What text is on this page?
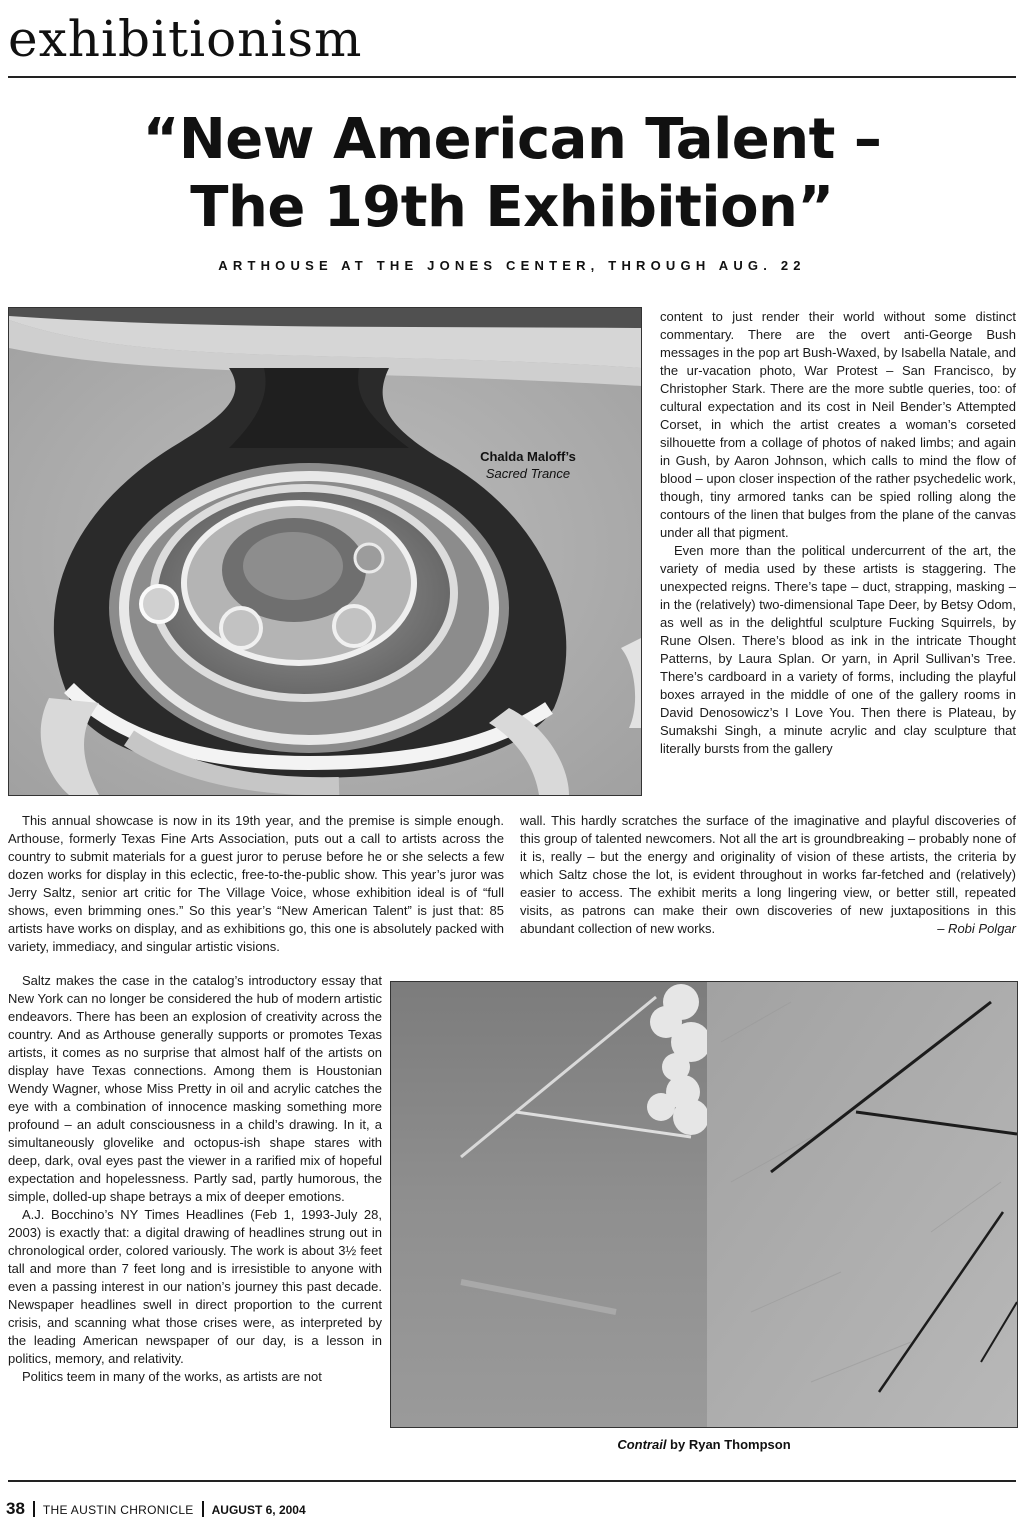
exhibitionism
“New American Talent –
The 19th Exhibition”
ARTHOUSE AT THE JONES CENTER, THROUGH AUG. 22
Chalda Maloff’s
Sacred Trance

content to just render their world without some distinct commentary. There are the overt anti-George Bush messages in the pop art Bush-Waxed, by Isabella Natale, and the ur-vacation photo, War Protest – San Francisco, by Christopher Stark. There are the more subtle queries, too: of cultural expectation and its cost in Neil Bender’s Attempted Corset, in which the artist creates a woman’s corseted silhouette from a collage of photos of naked limbs; and again in Gush, by Aaron Johnson, which calls to mind the flow of blood – upon closer inspection of the rather psychedelic work, though, tiny armored tanks can be spied rolling along the contours of the linen that bulges from the plane of the canvas under all that pigment.

Even more than the political undercurrent of the art, the variety of media used by these artists is staggering. The unexpected reigns. There’s tape – duct, strapping, masking – in the (relatively) two-dimensional Tape Deer, by Betsy Odom, as well as in the delightful sculpture Fucking Squirrels, by Rune Olsen. There’s blood as ink in the intricate Thought Patterns, by Laura Splan. Or yarn, in April Sullivan’s Tree. There’s cardboard in a variety of forms, including the playful boxes arrayed in the middle of one of the gallery rooms in David Denosowicz’s I Love You. Then there is Plateau, by Sumakshi Singh, a minute acrylic and clay sculpture that literally bursts from the gallery

This annual showcase is now in its 19th year, and the premise is simple enough. Arthouse, formerly Texas Fine Arts Association, puts out a call to artists across the country to submit materials for a guest juror to peruse before he or she selects a few dozen works for display in this eclectic, free-to-the-public show. This year’s juror was Jerry Saltz, senior art critic for The Village Voice, whose exhibition ideal is of “full shows, even brimming ones.” So this year’s “New American Talent” is just that: 85 artists have works on display, and as exhibitions go, this one is absolutely packed with variety, immediacy, and singular artistic visions.

wall. This hardly scratches the surface of the imaginative and playful discoveries of this group of talented newcomers. Not all the art is groundbreaking – probably none of it is, really – but the energy and originality of vision of these artists, the criteria by which Saltz chose the lot, is evident throughout in works far-fetched and (relatively) easier to access. The exhibit merits a long lingering view, or better still, repeated visits, as patrons can make their own discoveries of new juxtapositions in this abundant collection of new works.	– Robi Polgar

Saltz makes the case in the catalog’s introductory essay that New York can no longer be considered the hub of modern artistic endeavors. There has been an explosion of creativity across the country. And as Arthouse generally supports or promotes Texas artists, it comes as no surprise that almost half of the artists on display have Texas connections. Among them is Houstonian Wendy Wagner, whose Miss Pretty in oil and acrylic catches the eye with a combination of innocence masking something more profound – an adult consciousness in a child’s drawing. In it, a simultaneously glovelike and octopus-ish shape stares with deep, dark, oval eyes past the viewer in a rarified mix of hopeful expectation and hopelessness. Partly sad, partly humorous, the simple, dolled-up shape betrays a mix of deeper emotions.

A.J. Bocchino’s NY Times Headlines (Feb 1, 1993-July 28, 2003) is exactly that: a digital drawing of headlines strung out in chronological order, colored variously. The work is about 3½ feet tall and more than 7 feet long and is irresistible to anyone with even a passing interest in our nation’s journey this past decade. Newspaper headlines swell in direct proportion to the current crisis, and scanning what those crises were, as interpreted by the leading American newspaper of our day, is a lesson in politics, memory, and relativity.

Politics teem in many of the works, as artists are not

Contrail by Ryan Thompson
38 THE AUSTIN CHRONICLE AUGUST 6, 2004
